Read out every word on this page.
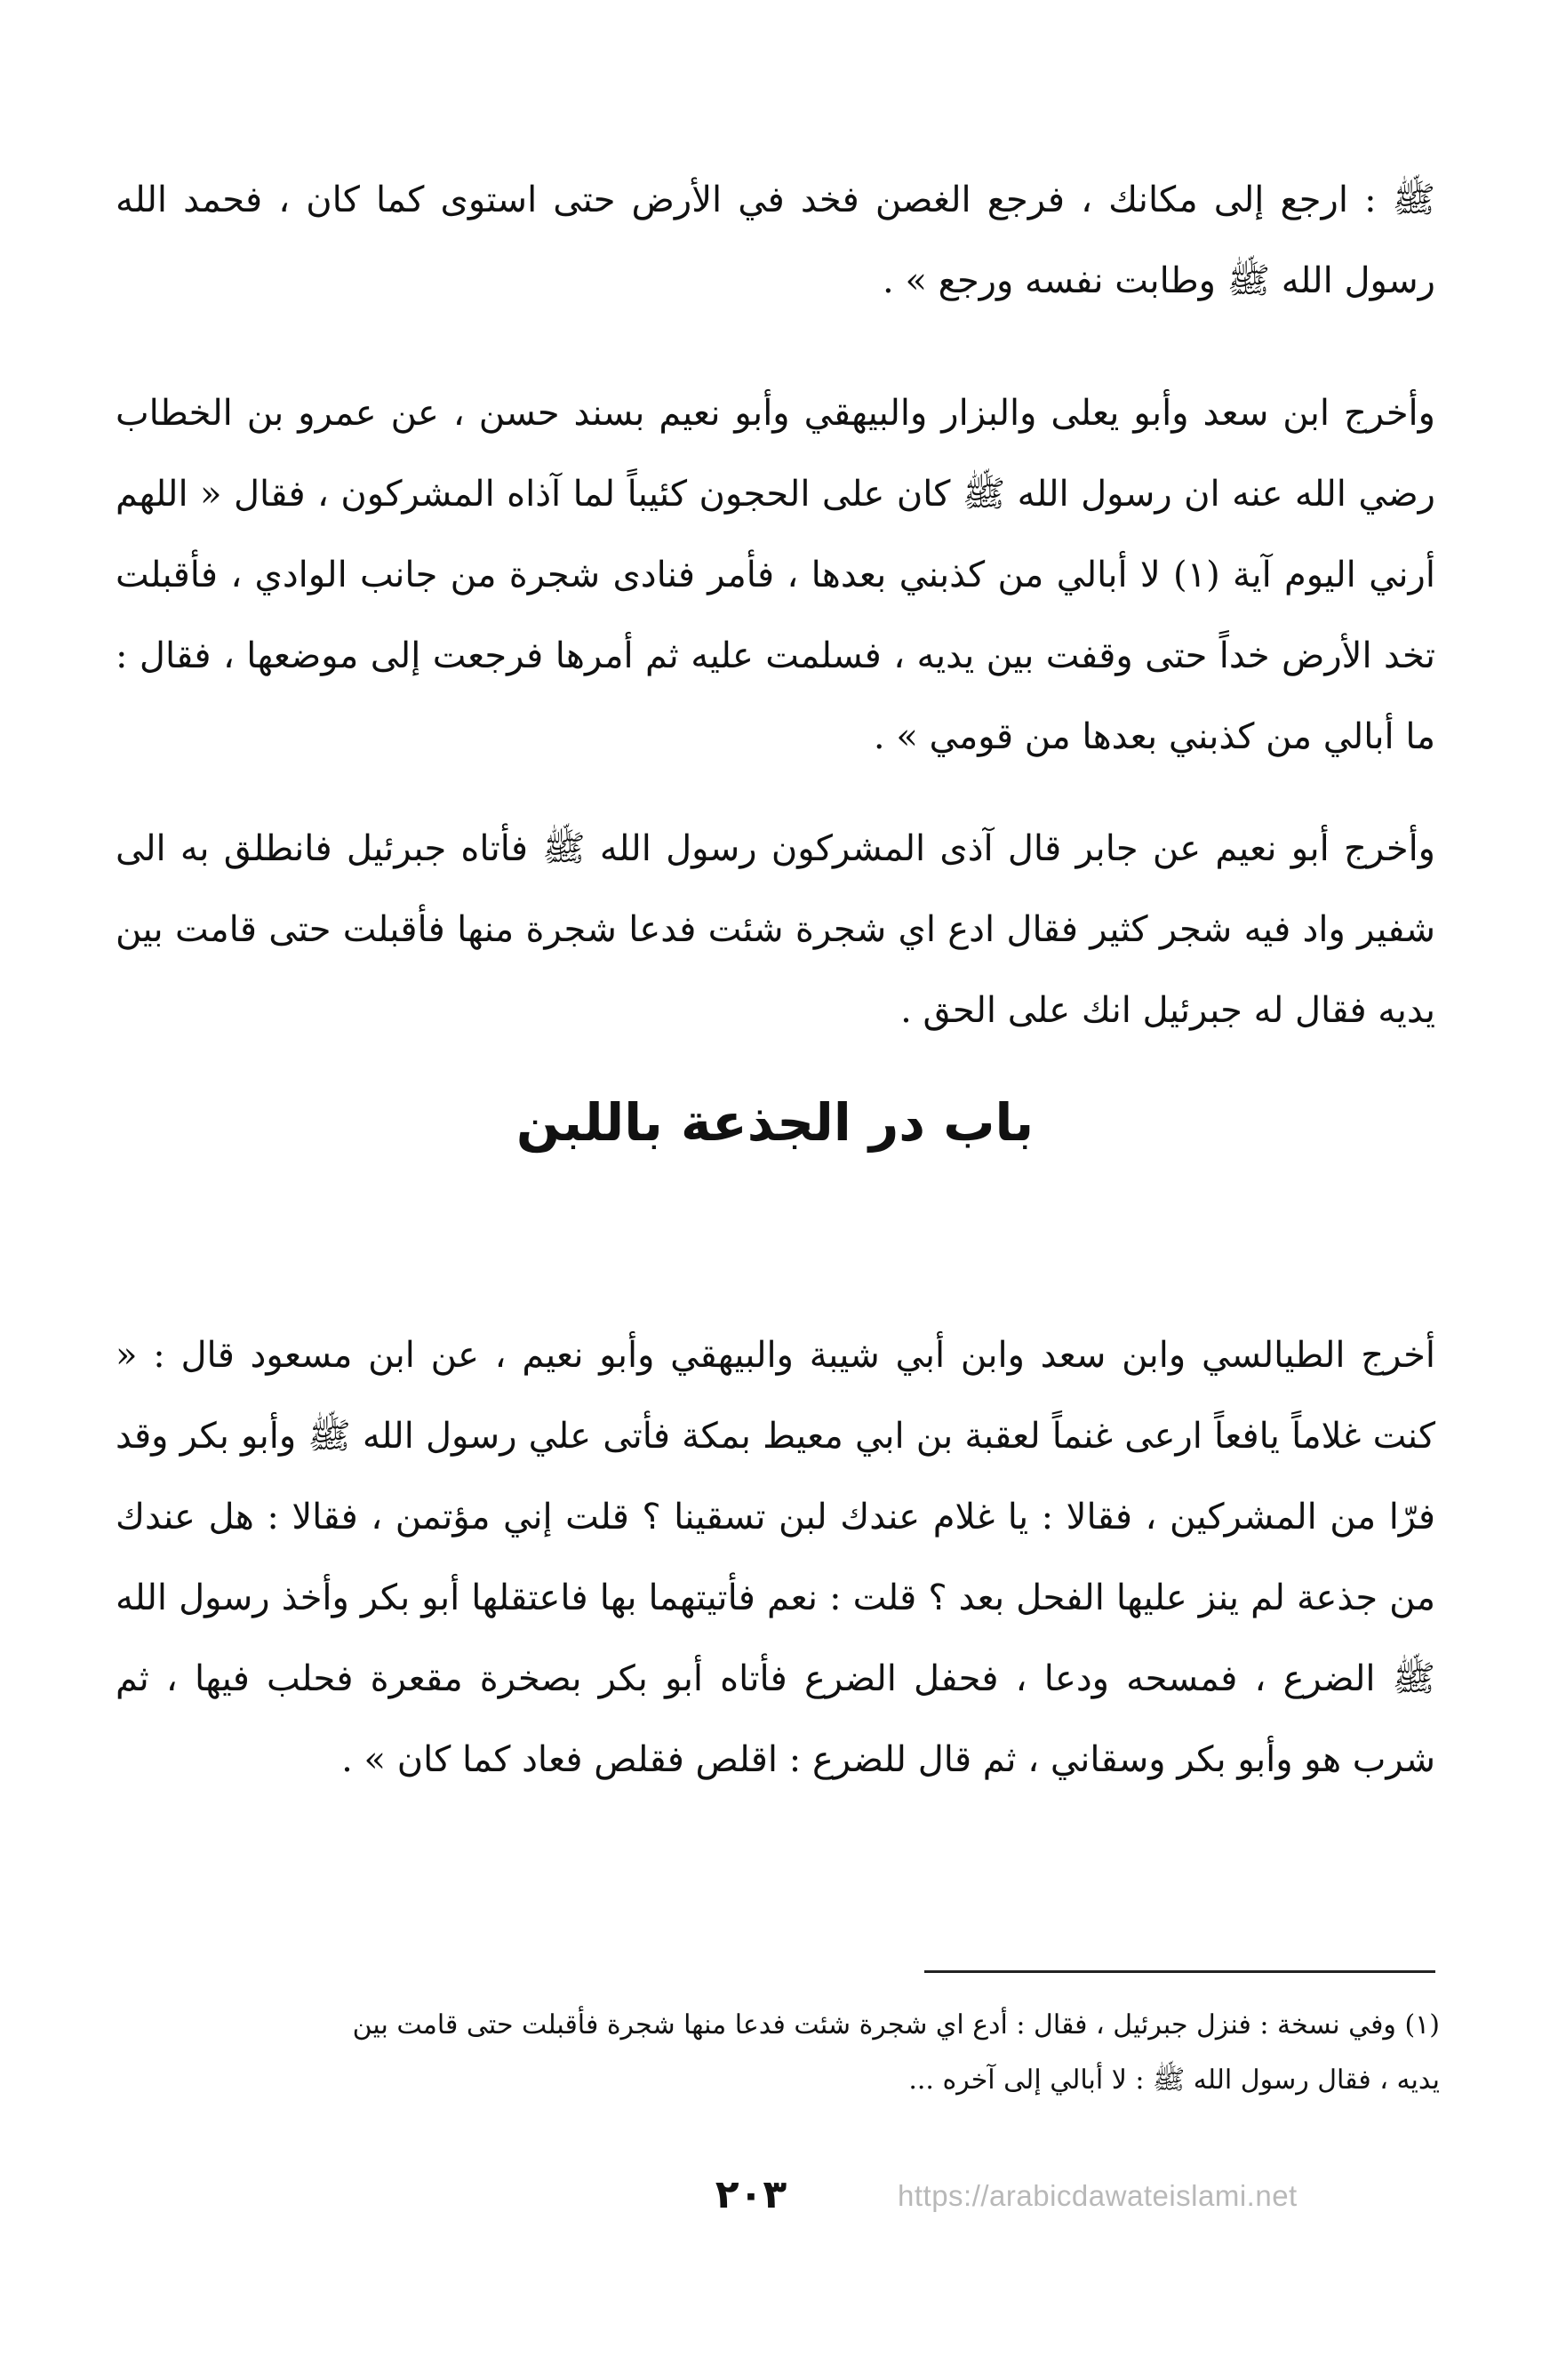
ﷺ : ارجع إلى مكانك ، فرجع الغصن فخد في الأرض حتى استوى كما كان ، فحمد الله رسول الله ﷺ وطابت نفسه ورجع » .

وأخرج ابن سعد وأبو يعلى والبزار والبيهقي وأبو نعيم بسند حسن ، عن عمرو بن الخطاب رضي الله عنه ان رسول الله ﷺ كان على الحجون كئيباً لما آذاه المشركون ، فقال « اللهم أرني اليوم آية (١) لا أبالي من كذبني بعدها ، فأمر فنادى شجرة من جانب الوادي ، فأقبلت تخد الأرض خداً حتى وقفت بين يديه ، فسلمت عليه ثم أمرها فرجعت إلى موضعها ، فقال : ما أبالي من كذبني بعدها من قومي » .

وأخرج أبو نعيم عن جابر قال آذى المشركون رسول الله ﷺ فأتاه جبرئيل فانطلق به الى شفير واد فيه شجر كثير فقال ادع اي شجرة شئت فدعا شجرة منها فأقبلت حتى قامت بين يديه فقال له جبرئيل انك على الحق .

باب در الجذعة باللبن

أخرج الطيالسي وابن سعد وابن أبي شيبة والبيهقي وأبو نعيم ، عن ابن مسعود قال : « كنت غلاماً يافعاً ارعى غنماً لعقبة بن ابي معيط بمكة فأتى علي رسول الله ﷺ وأبو بكر وقد فرّا من المشركين ، فقالا : يا غلام عندك لبن تسقينا ؟ قلت إني مؤتمن ، فقالا : هل عندك من جذعة لم ينز عليها الفحل بعد ؟ قلت : نعم فأتيتهما بها فاعتقلها أبو بكر وأخذ رسول الله ﷺ الضرع ، فمسحه ودعا ، فحفل الضرع فأتاه أبو بكر بصخرة مقعرة فحلب فيها ، ثم شرب هو وأبو بكر وسقاني ، ثم قال للضرع : اقلص فقلص فعاد كما كان » .

(١) وفي نسخة : فنزل جبرئيل ، فقال : أدع اي شجرة شئت فدعا منها شجرة فأقبلت حتى قامت بين

يديه ، فقال رسول الله ﷺ : لا أبالي إلى آخره ...

٢٠٣	https://arabicdawateislami.net
